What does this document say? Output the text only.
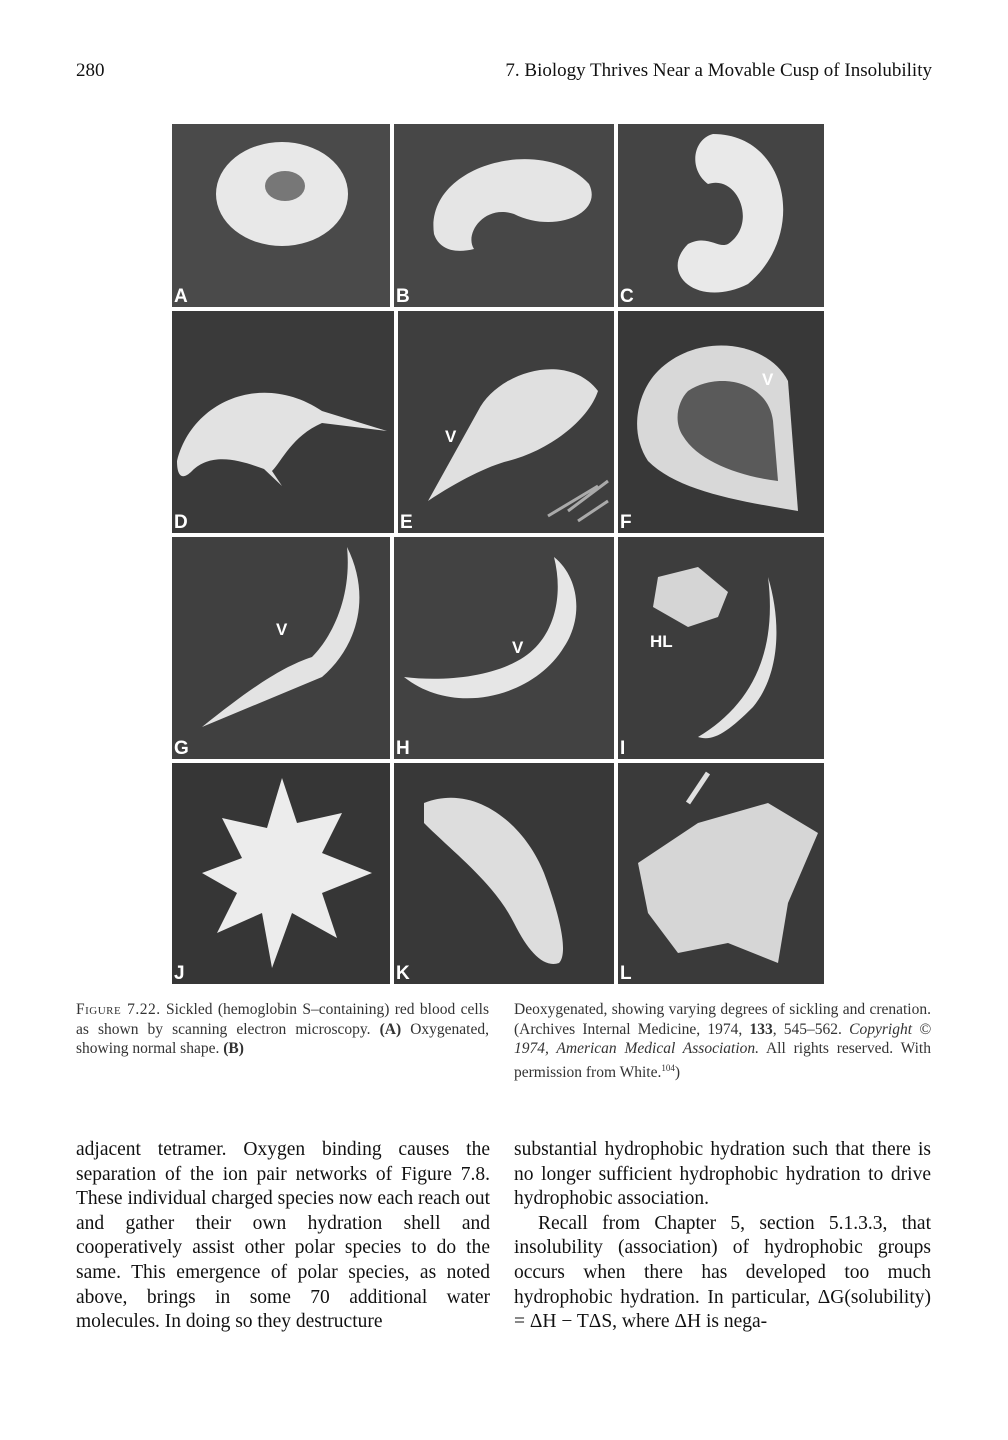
280	7. Biology Thrives Near a Movable Cusp of Insolubility
A	B	C
D
V
E
V
F
V
G
V
H
HL
I
J	K	L
Figure 7.22. Sickled (hemoglobin S–containing) red blood cells as shown by scanning electron microscopy. (A) Oxygenated, showing normal shape. (B)
Deoxygenated, showing varying degrees of sickling and crenation. (Archives Internal Medicine, 1974, 133, 545–562. Copyright © 1974, American Medical Association. All rights reserved. With permission from White.$^{104}$)

adjacent tetramer. Oxygen binding causes the separation of the ion pair networks of Figure 7.8. These individual charged species now each reach out and gather their own hydration shell and cooperatively assist other polar species to do the same. This emergence of polar species, as noted above, brings in some 70 additional water molecules. In doing so they destructure

substantial hydrophobic hydration such that there is no longer sufficient hydrophobic hydration to drive hydrophobic association.

Recall from Chapter 5, section 5.1.3.3, that insolubility (association) of hydrophobic groups occurs when there has developed too much hydrophobic hydration. In particular, ΔG(solubility) = ΔH − TΔS, where ΔH is nega-
